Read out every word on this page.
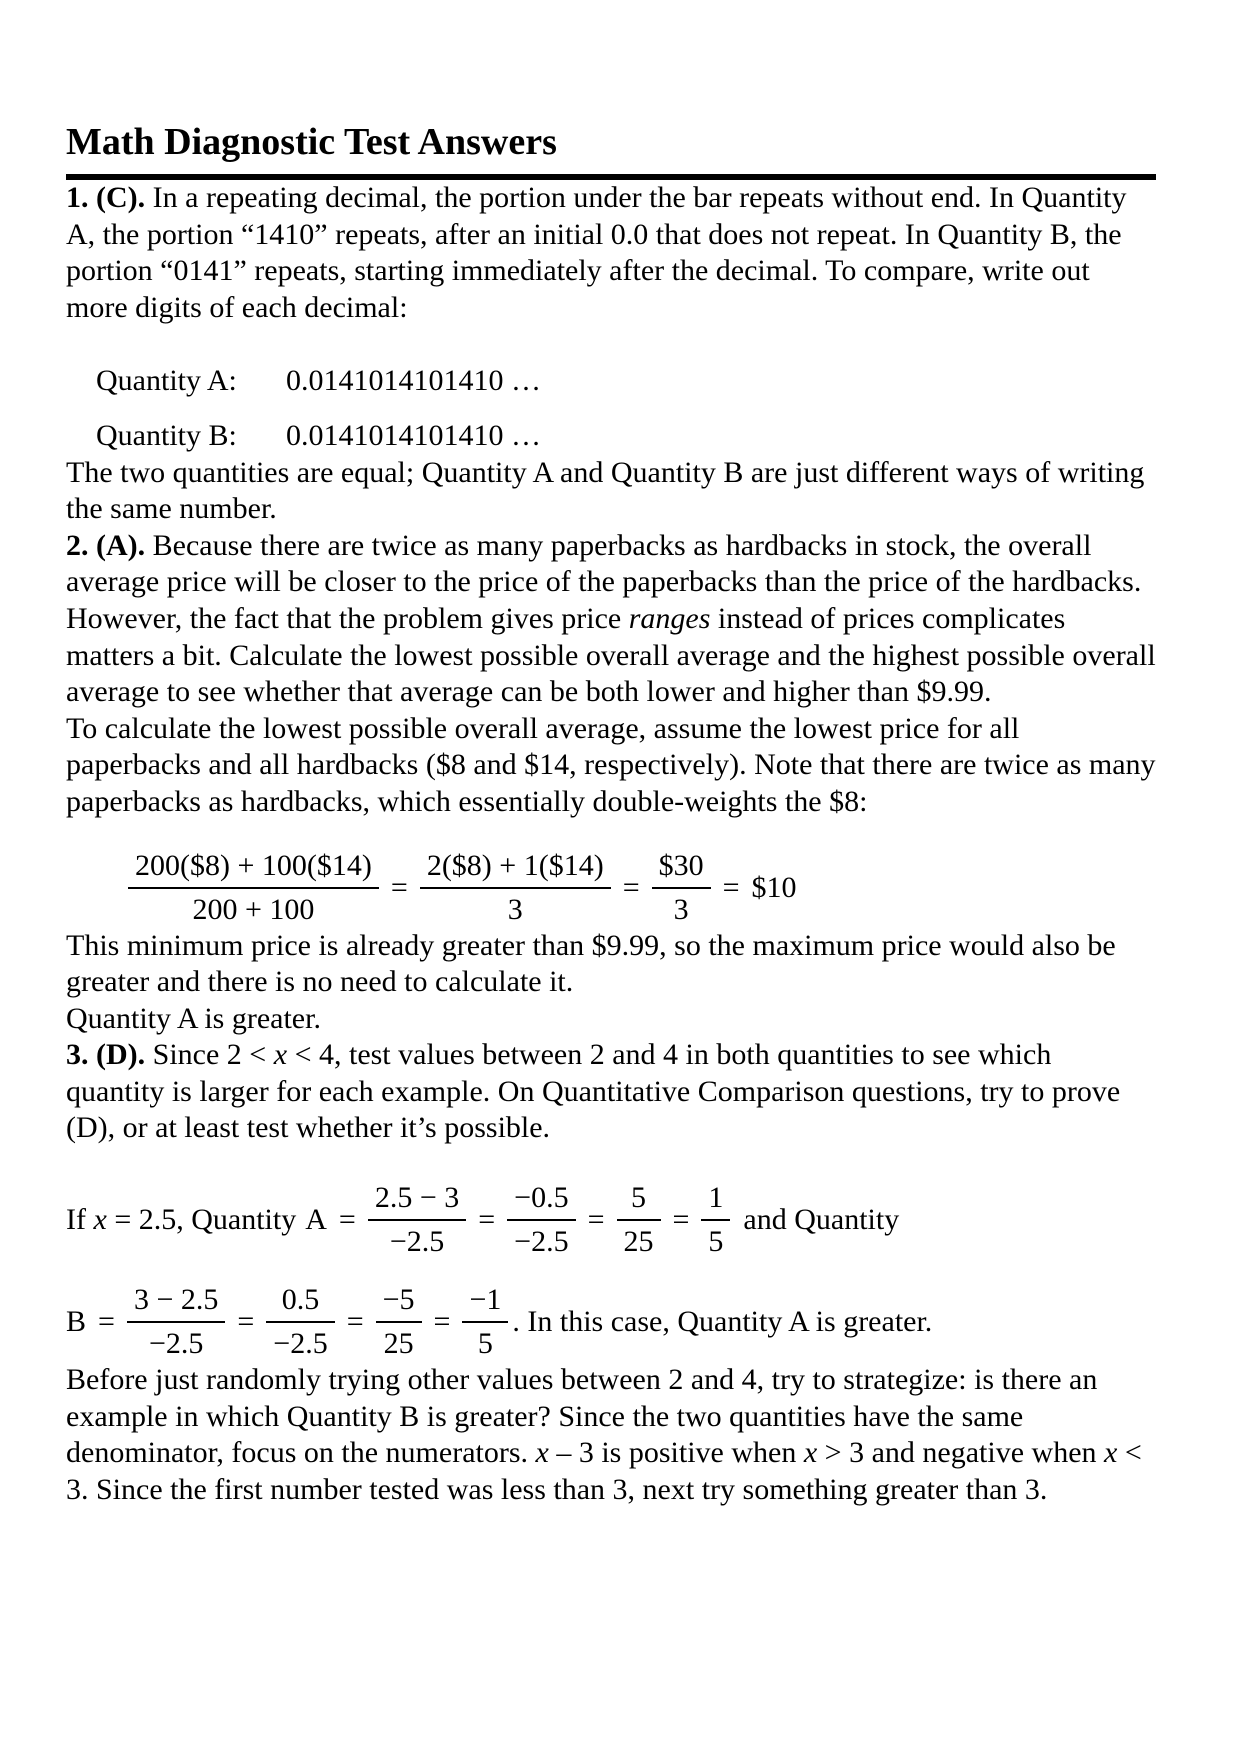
Math Diagnostic Test Answers

1. (C). In a repeating decimal, the portion under the bar repeats without end. In Quantity A, the portion “1410” repeats, after an initial 0.0 that does not repeat. In Quantity B, the portion “0141” repeats, starting immediately after the decimal. To compare, write out more digits of each decimal:

Quantity A:	0.0141014101410 …
Quantity B:	0.0141014101410 …

The two quantities are equal; Quantity A and Quantity B are just different ways of writing the same number.

2. (A). Because there are twice as many paperbacks as hardbacks in stock, the overall average price will be closer to the price of the paperbacks than the price of the hardbacks. However, the fact that the problem gives price ranges instead of prices complicates matters a bit. Calculate the lowest possible overall average and the highest possible overall average to see whether that average can be both lower and higher than $9.99.

To calculate the lowest possible overall average, assume the lowest price for all paperbacks and all hardbacks ($8 and $14, respectively). Note that there are twice as many paperbacks as hardbacks, which essentially double-weights the $8:

$\frac{200(\$8) + 100(\$14)}{200 + 100} = \frac{2(\$8) + 1(\$14)}{3} = \frac{\$30}{3}$ = $10

This minimum price is already greater than $9.99, so the maximum price would also be greater and there is no need to calculate it.

Quantity A is greater.

3. (D). Since 2 < x < 4, test values between 2 and 4 in both quantities to see which quantity is larger for each example. On Quantitative Comparison questions, try to prove (D), or at least test whether it’s possible.

If x = 2.5, Quantity $A = \frac{2.5 - 3}{-2.5} = \frac{-0.5}{-2.5} = \frac{5}{25} = \frac{1}{5}$ and Quantity
$B = \frac{3 - 2.5}{-2.5} = \frac{0.5}{-2.5} = \frac{-5}{25} = \frac{-1}{5}$ . In this case, Quantity A is greater.

Before just randomly trying other values between 2 and 4, try to strategize: is there an example in which Quantity B is greater? Since the two quantities have the same denominator, focus on the numerators. x – 3 is positive when x > 3 and negative when x < 3. Since the first number tested was less than 3, next try something greater than 3.
